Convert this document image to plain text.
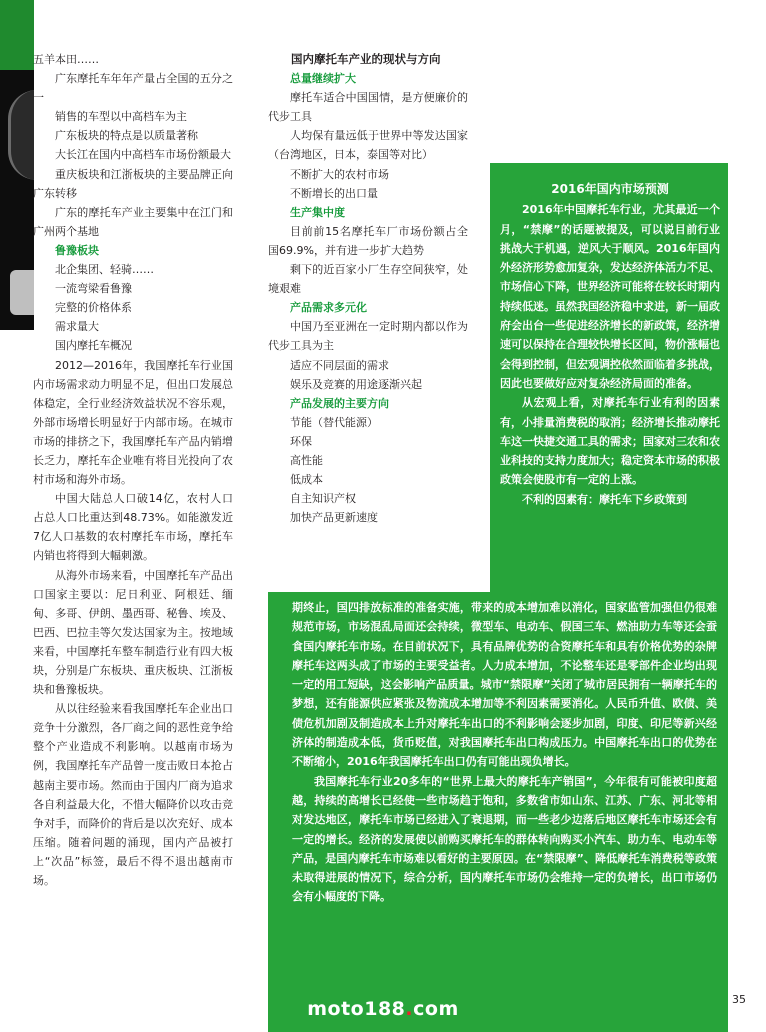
五羊本田……

广东摩托车年年产量占全国的五分之一

销售的车型以中高档车为主

广东板块的特点是以质量著称

大长江在国内中高档车市场份额最大

重庆板块和江浙板块的主要品牌正向广东转移

广东的摩托车产业主要集中在江门和广州两个基地

鲁豫板块

北企集团、轻骑……

一流弯梁看鲁豫

完整的价格体系

需求量大

国内摩托车概况

2012—2016年，我国摩托车行业国内市场需求动力明显不足，但出口发展总体稳定，全行业经济效益状况不容乐观，外部市场增长明显好于内部市场。在城市市场的排挤之下，我国摩托车产品内销增长乏力，摩托车企业唯有将目光投向了农村市场和海外市场。

中国大陆总人口破14亿，农村人口占总人口比重达到48.73%。如能激发近7亿人口基数的农村摩托车市场，摩托车内销也将得到大幅刺激。

从海外市场来看，中国摩托车产品出口国家主要以：尼日利亚、阿根廷、缅甸、多哥、伊朗、墨西哥、秘鲁、埃及、巴西、巴拉圭等欠发达国家为主。按地域来看，中国摩托车整车制造行业有四大板块，分别是广东板块、重庆板块、江浙板块和鲁豫板块。

从以往经验来看我国摩托车企业出口竞争十分激烈，各厂商之间的恶性竞争给整个产业造成不利影响。以越南市场为例，我国摩托车产品曾一度击败日本抢占越南主要市场。然而由于国内厂商为追求各自利益最大化，不惜大幅降价以攻击竞争对手，而降价的背后是以次充好、成本压缩。随着问题的涌现，国内产品被打上“次品”标签，最后不得不退出越南市场。

国内摩托车产业的现状与方向

总量继续扩大

摩托车适合中国国情，是方便廉价的代步工具

人均保有量远低于世界中等发达国家（台湾地区，日本，泰国等对比）

不断扩大的农村市场

不断增长的出口量

生产集中度

目前前15名摩托车厂市场份额占全国69.9%，并有进一步扩大趋势

剩下的近百家小厂生存空间狭窄，处境艰难

产品需求多元化

中国乃至亚洲在一定时期内都以作为代步工具为主

适应不同层面的需求

娱乐及竞赛的用途逐渐兴起

产品发展的主要方向

节能（替代能源）

环保

高性能

低成本

自主知识产权

加快产品更新速度

2016年国内市场预测

2016年中国摩托车行业，尤其最近一个月，“禁摩”的话题被提及，可以说目前行业挑战大于机遇，逆风大于顺风。2016年国内外经济形势愈加复杂，发达经济体活力不足、市场信心下降，世界经济可能将在较长时期内持续低迷。虽然我国经济稳中求进，新一届政府会出台一些促进经济增长的新政策，经济增速可以保持在合理较快增长区间，物价涨幅也会得到控制，但宏观调控依然面临着多挑战，因此也要做好应对复杂经济局面的准备。

从宏观上看，对摩托车行业有利的因素有，小排量消费税的取消；经济增长推动摩托车这一快捷交通工具的需求；国家对三农和农业科技的支持力度加大；稳定资本市场的积极政策会使股市有一定的上涨。

不利的因素有：摩托车下乡政策到

期终止，国四排放标准的准备实施，带来的成本增加难以消化，国家监管加强但仍很难规范市场，市场混乱局面还会持续，微型车、电动车、假国三车、燃油助力车等还会蚕食国内摩托车市场。在目前状况下，具有品牌优势的合资摩托车和具有价格优势的杂牌摩托车这两头成了市场的主要受益者。人力成本增加，不论整车还是零部件企业均出现一定的用工短缺，这会影响产品质量。城市“禁限摩”关闭了城市居民拥有一辆摩托车的梦想，还有能源供应紧张及物流成本增加等不利因素需要消化。人民币升值、欧债、美债危机加剧及制造成本上升对摩托车出口的不利影响会逐步加剧，印度、印尼等新兴经济体的制造成本低，货币贬值，对我国摩托车出口构成压力。中国摩托车出口的优势在不断缩小，2016年我国摩托车出口仍有可能出现负增长。

我国摩托车行业20多年的“世界上最大的摩托车产销国”，今年很有可能被印度超越，持续的高增长已经使一些市场趋于饱和，多数省市如山东、江苏、广东、河北等相对发达地区，摩托车市场已经进入了衰退期，而一些老少边落后地区摩托车市场还会有一定的增长。经济的发展使以前购买摩托车的群体转向购买小汽车、助力车、电动车等产品，是国内摩托车市场难以看好的主要原因。在“禁限摩”、降低摩托车消费税等政策未取得进展的情况下，综合分析，国内摩托车市场仍会维持一定的负增长，出口市场仍会有小幅度的下降。

moto188.com	35
